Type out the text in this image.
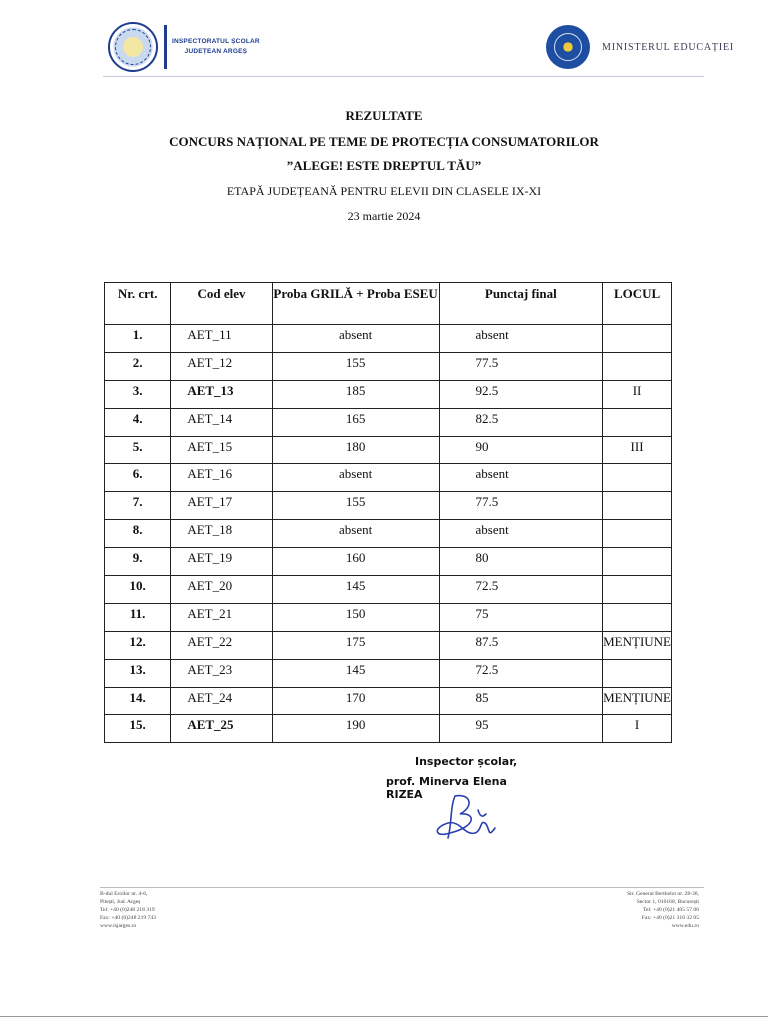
INSPECTORATUL ȘCOLAR
JUDEȚEAN ARGEȘ	MINISTERUL EDUCAȚIEI
REZULTATE
CONCURS NAȚIONAL PE TEME DE PROTECȚIA CONSUMATORILOR
”ALEGE! ESTE DREPTUL TĂU”
ETAPĂ JUDEȚEANĂ PENTRU ELEVII DIN CLASELE IX-XI
23 martie 2024
Nr. crt.	Cod elev	Proba GRILĂ + Proba ESEU	Punctaj final	LOCUL
1.	AET_11	absent	absent	
2.	AET_12	155	77.5	
3.	AET_13	185	92.5	II
4.	AET_14	165	82.5	
5.	AET_15	180	90	III
6.	AET_16	absent	absent	
7.	AET_17	155	77.5	
8.	AET_18	absent	absent	
9.	AET_19	160	80	
10.	AET_20	145	72.5	
11.	AET_21	150	75	
12.	AET_22	175	87.5	MENȚIUNE
13.	AET_23	145	72.5	
14.	AET_24	170	85	MENȚIUNE
15.	AET_25	190	95	I
Inspector școlar,
prof. Minerva Elena RIZEA
B-dul Eroilor nr. 4-6,
Pitești, Jud. Argeș
Tel: +40 (0)248 218 319
Fax: +40 (0)248 219 743
www.isjarges.ro
Str. General Berthelot nr. 28-30,
Sector 1, 010168, București
Tel: +40 (0)21 405 57 06
Fax: +40 (0)21 310 32 05
www.edu.ro
